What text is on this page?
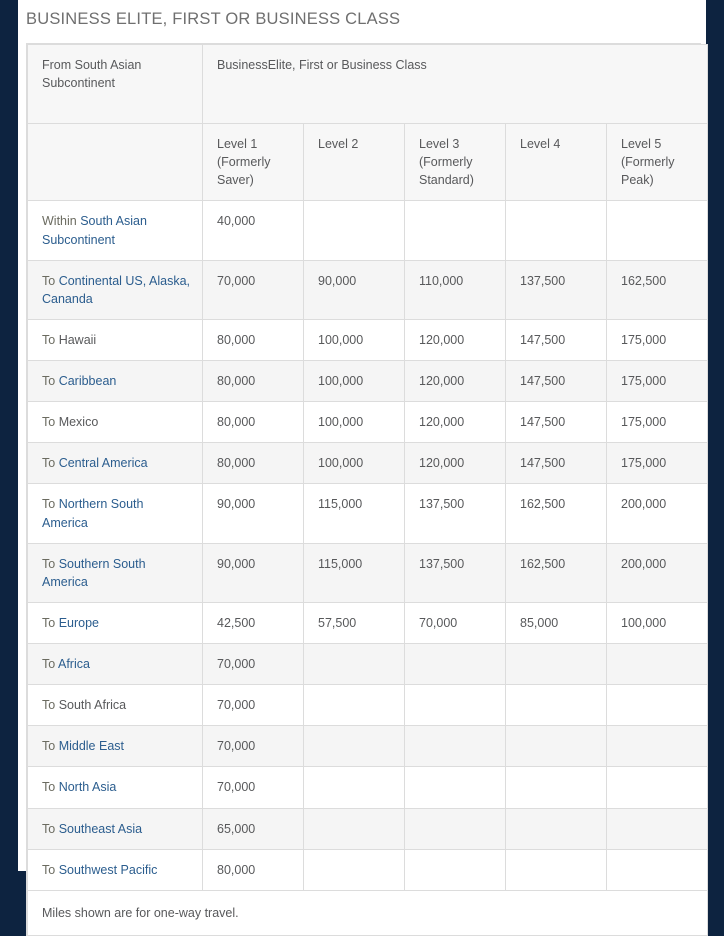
BUSINESS ELITE, FIRST OR BUSINESS CLASS
From South Asian Subcontinent	BusinessElite, First or Business Class				
	Level 1 (Formerly Saver)	Level 2	Level 3 (Formerly Standard)	Level 4	Level 5 (Formerly Peak)
Within South Asian Subcontinent	40,000				
To Continental US, Alaska, Cananda	70,000	90,000	110,000	137,500	162,500
To Hawaii	80,000	100,000	120,000	147,500	175,000
To Caribbean	80,000	100,000	120,000	147,500	175,000
To Mexico	80,000	100,000	120,000	147,500	175,000
To Central America	80,000	100,000	120,000	147,500	175,000
To Northern South America	90,000	115,000	137,500	162,500	200,000
To Southern South America	90,000	115,000	137,500	162,500	200,000
To Europe	42,500	57,500	70,000	85,000	100,000
To Africa	70,000				
To South Africa	70,000				
To Middle East	70,000				
To North Asia	70,000				
To Southeast Asia	65,000				
To Southwest Pacific	80,000				
Miles shown are for one-way travel.					
